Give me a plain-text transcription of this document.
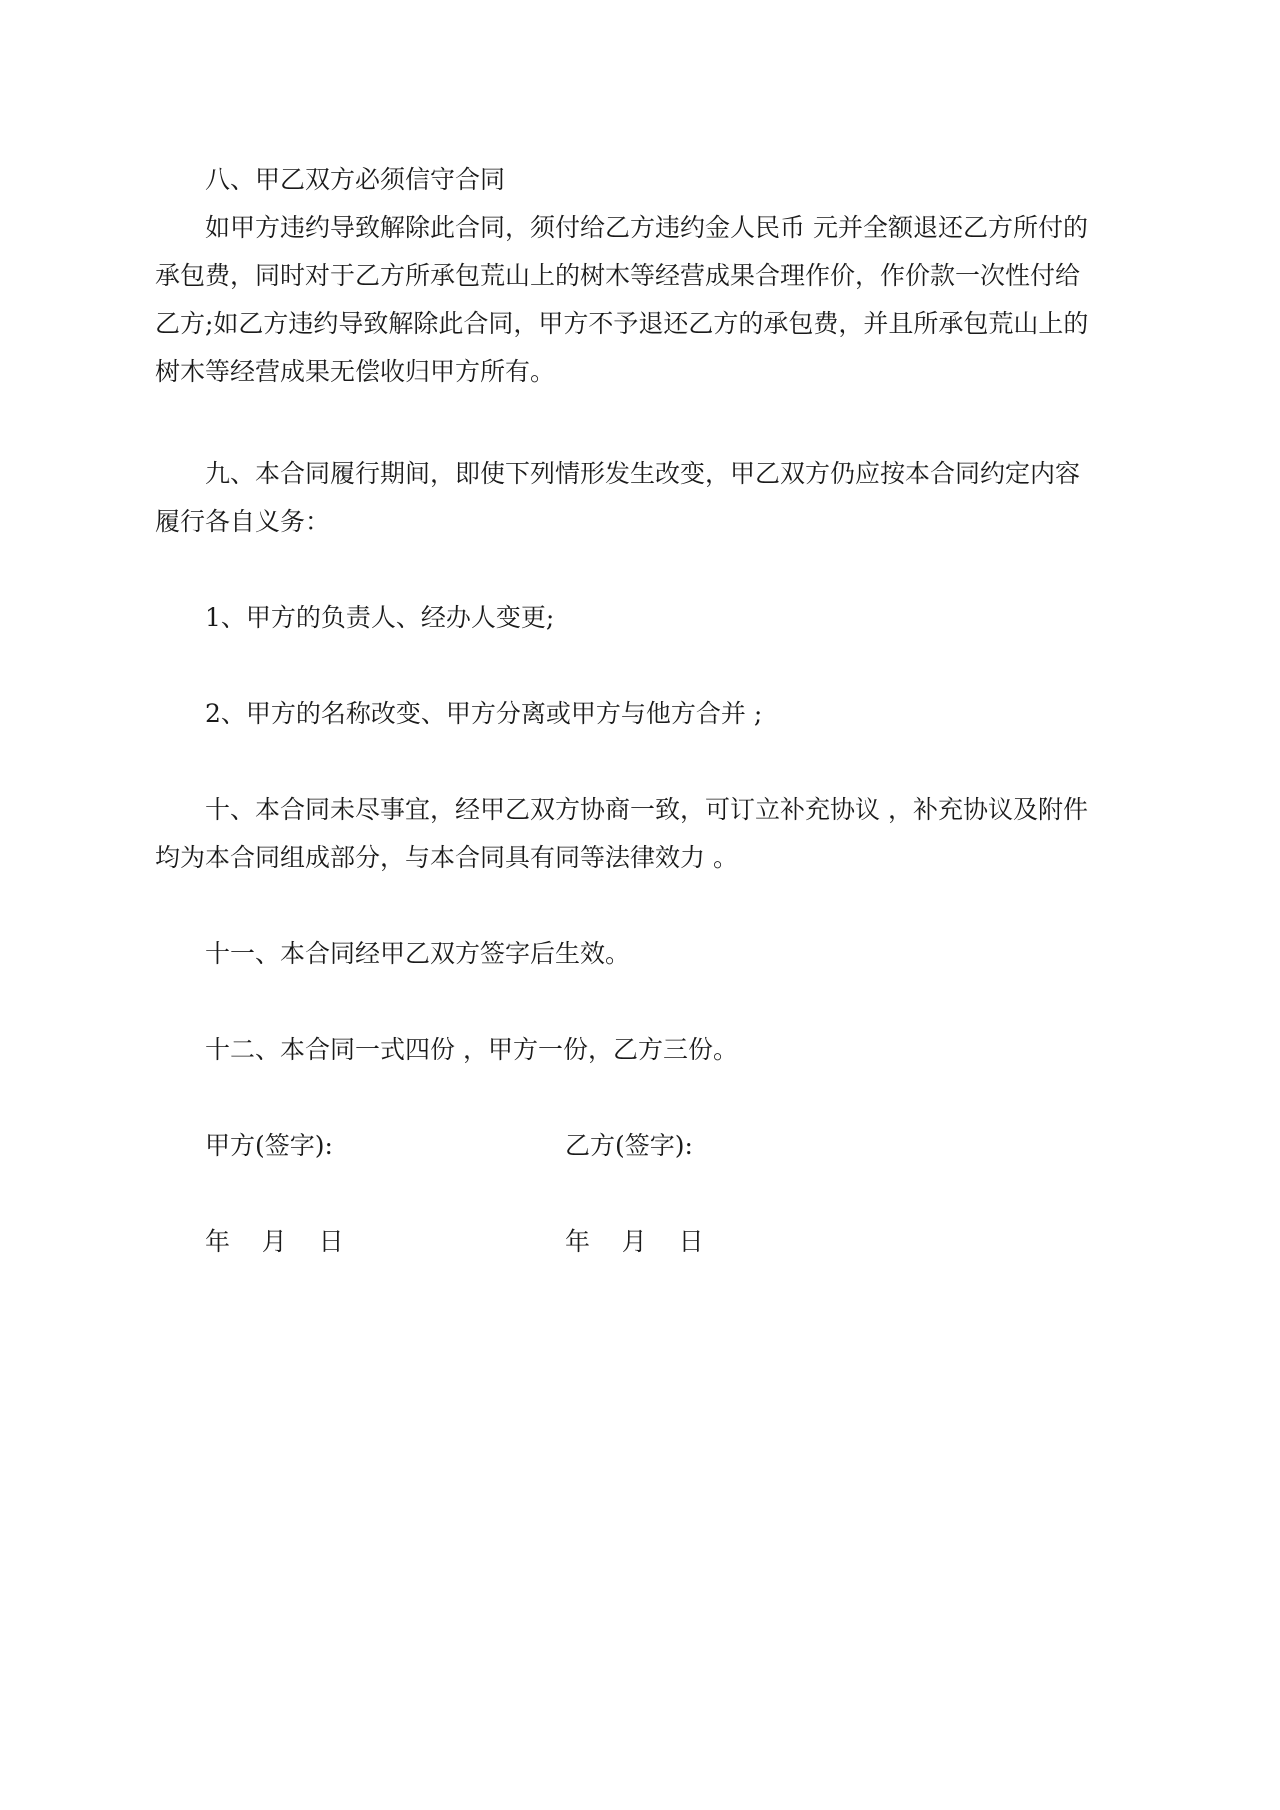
八、甲乙双方必须信守合同
如甲方违约导致解除此合同，须付给乙方违约金人民币 元并全额退还乙方所付的
承包费，同时对于乙方所承包荒山上的树木等经营成果合理作价，作价款一次性付给
乙方;如乙方违约导致解除此合同，甲方不予退还乙方的承包费，并且所承包荒山上的
树木等经营成果无偿收归甲方所有。
九、本合同履行期间，即使下列情形发生改变，甲乙双方仍应按本合同约定内容
履行各自义务：
1、甲方的负责人、经办人变更;
2、甲方的名称改变、甲方分离或甲方与他方合并 ;
十、本合同未尽事宜，经甲乙双方协商一致，可订立补充协议 ，补充协议及附件
均为本合同组成部分，与本合同具有同等法律效力 。
十一、本合同经甲乙双方签字后生效。
十二、本合同一式四份 ，甲方一份，乙方三份。
甲方(签字):	乙方(签字):
年    月    日	年    月    日
